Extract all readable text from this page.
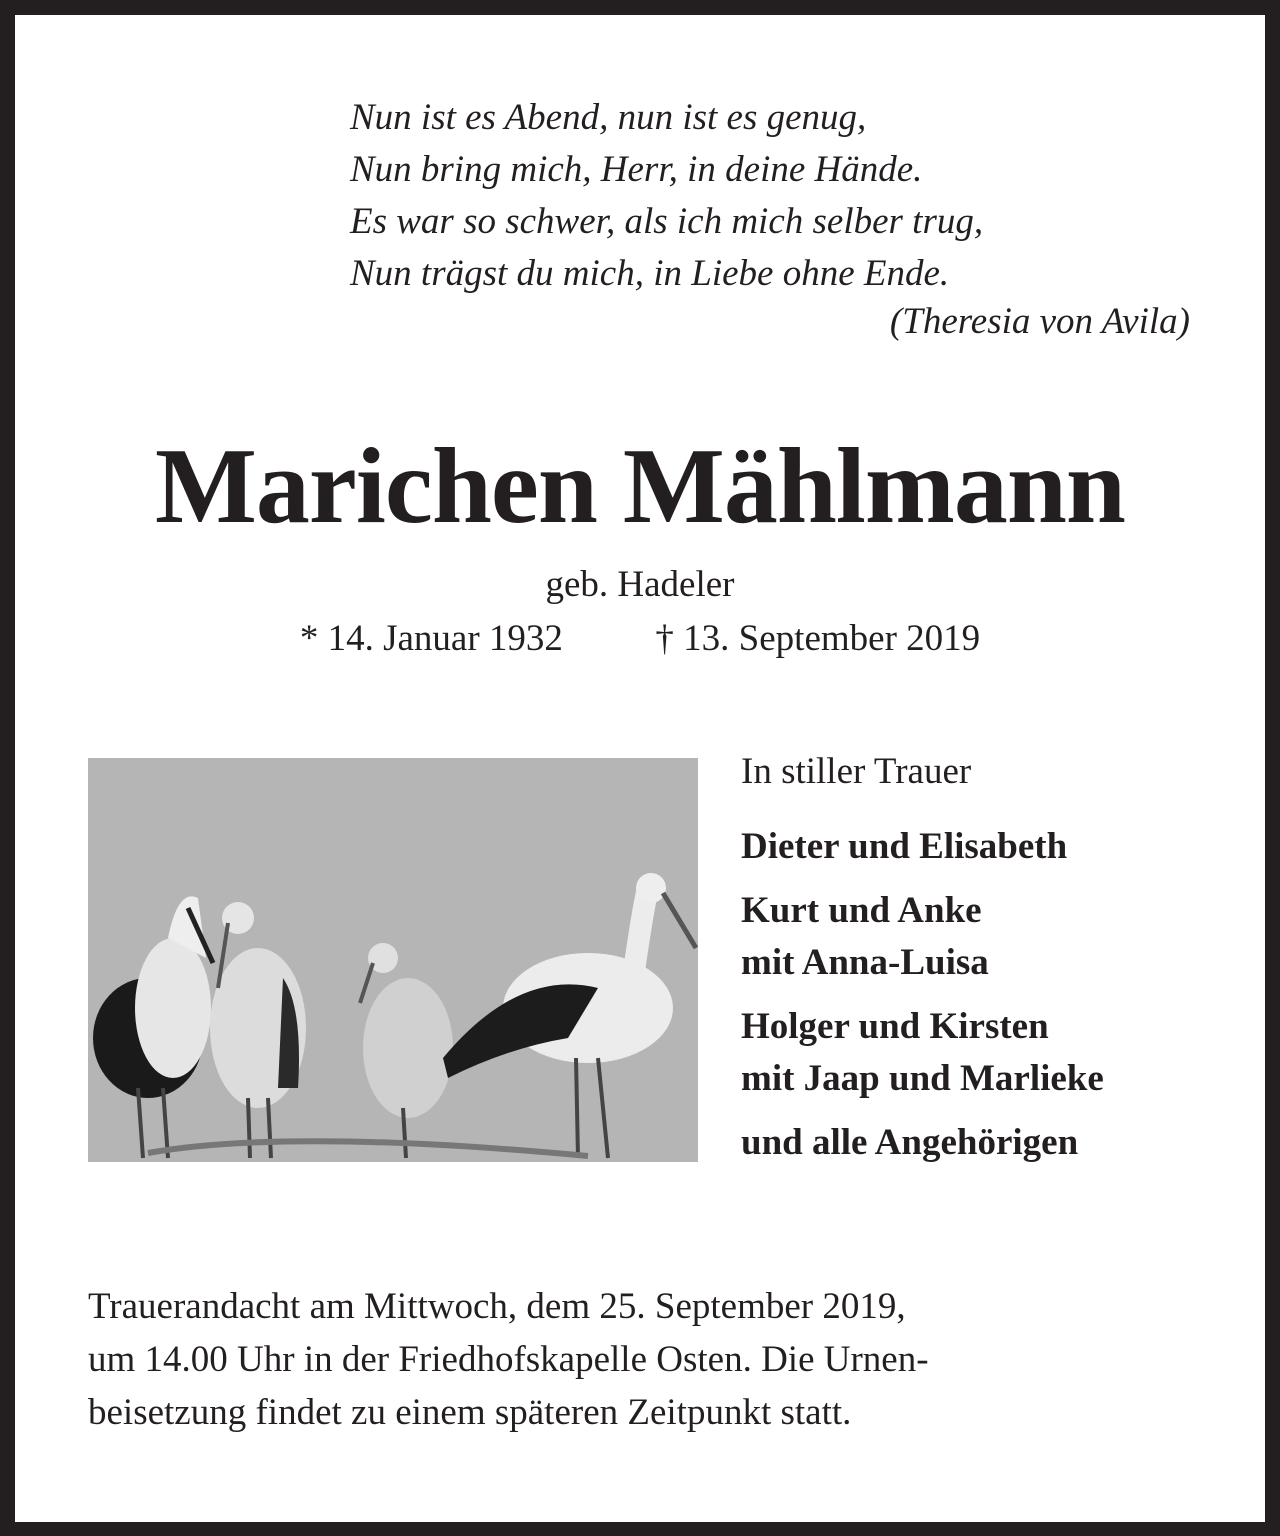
Nun ist es Abend, nun ist es genug,
Nun bring mich, Herr, in deine Hände.
Es war so schwer, als ich mich selber trug,
Nun trägst du mich, in Liebe ohne Ende.
(Theresia von Avila)
Marichen Mählmann
geb. Hadeler
* 14. Januar 1932	† 13. September 2019
In stiller Trauer
Dieter und Elisabeth
Kurt und Anke
mit Anna-Luisa
Holger und Kirsten
mit Jaap und Marlieke
und alle Angehörigen
Trauerandacht am Mittwoch, dem 25. September 2019,
um 14.00 Uhr in der Friedhofskapelle Osten. Die Urnen-
beisetzung findet zu einem späteren Zeitpunkt statt.
